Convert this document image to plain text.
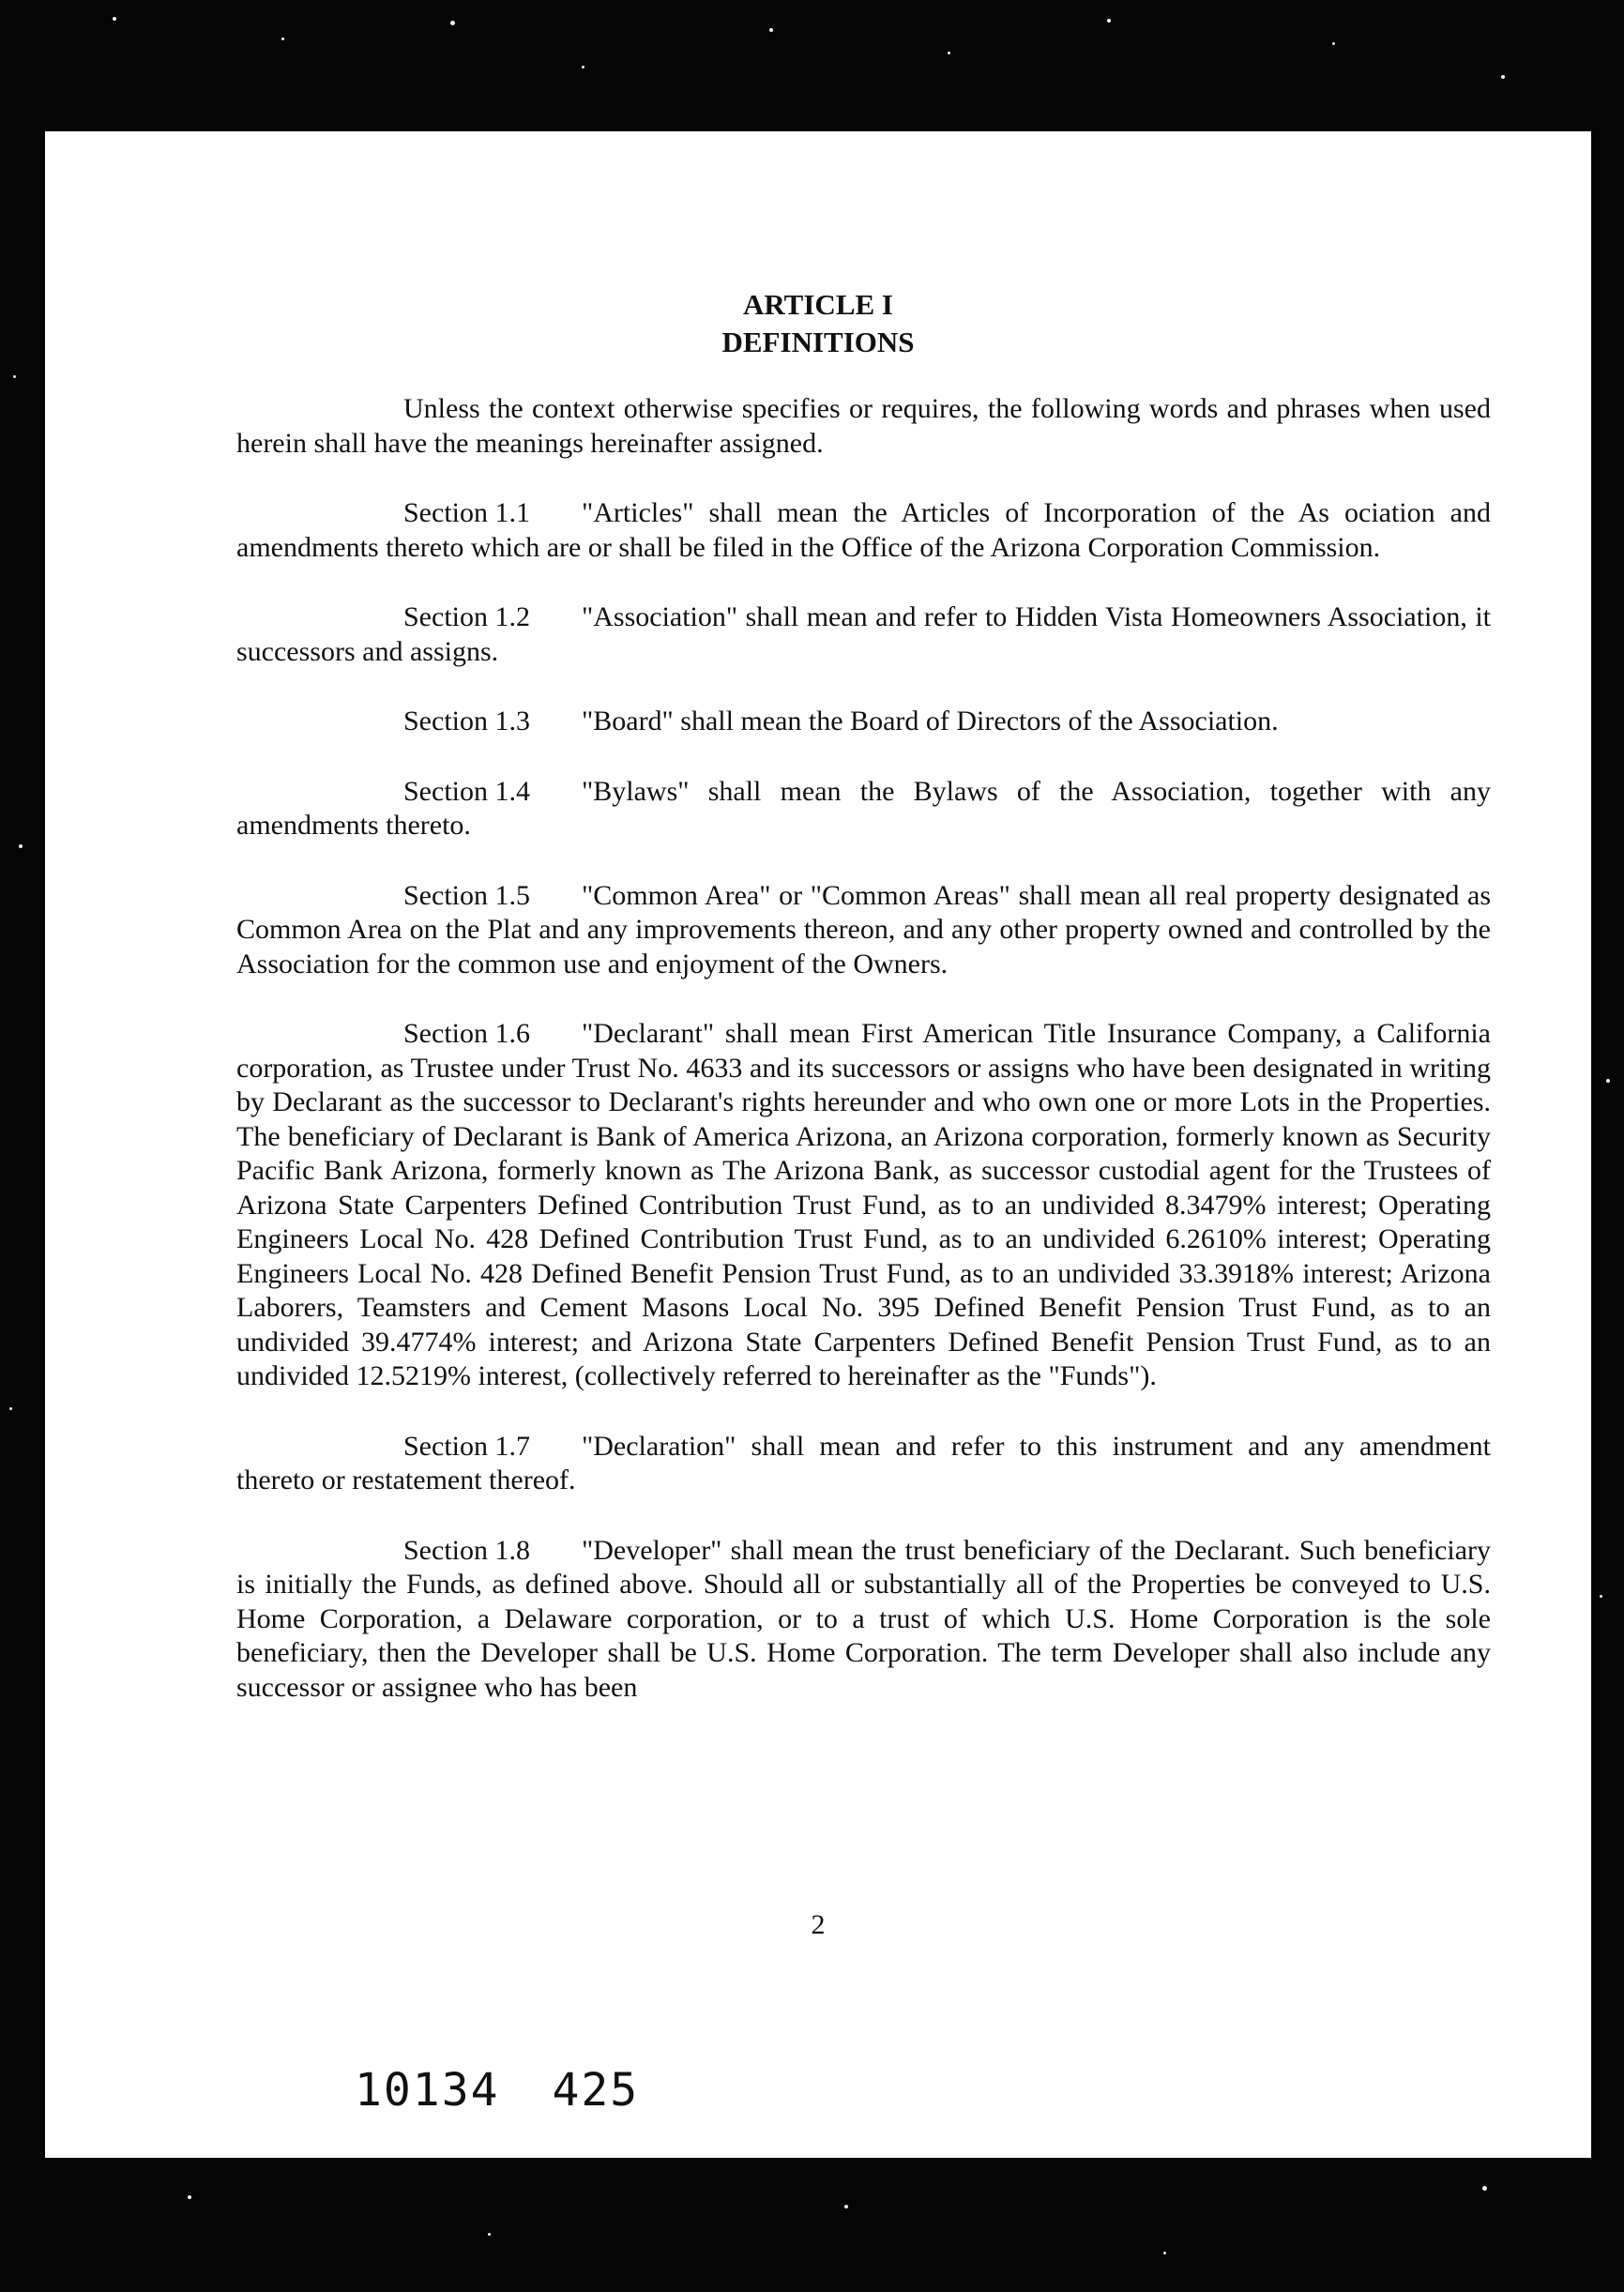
ARTICLE I
DEFINITIONS

Unless the context otherwise specifies or requires, the following words and phrases when used herein shall have the meanings hereinafter assigned.

Section 1.1 "Articles" shall mean the Articles of Incorporation of the As ociation and amendments thereto which are or shall be filed in the Office of the Arizona Corporation Commission.

Section 1.2 "Association" shall mean and refer to Hidden Vista Homeowners Association, it successors and assigns.

Section 1.3 "Board" shall mean the Board of Directors of the Association.

Section 1.4 "Bylaws" shall mean the Bylaws of the Association, together with any amendments thereto.

Section 1.5 "Common Area" or "Common Areas" shall mean all real property designated as Common Area on the Plat and any improvements thereon, and any other property owned and controlled by the Association for the common use and enjoyment of the Owners.

Section 1.6 "Declarant" shall mean First American Title Insurance Company, a California corporation, as Trustee under Trust No. 4633 and its successors or assigns who have been designated in writing by Declarant as the successor to Declarant's rights hereunder and who own one or more Lots in the Properties. The beneficiary of Declarant is Bank of America Arizona, an Arizona corporation, formerly known as Security Pacific Bank Arizona, formerly known as The Arizona Bank, as successor custodial agent for the Trustees of Arizona State Carpenters Defined Contribution Trust Fund, as to an undivided 8.3479% interest; Operating Engineers Local No. 428 Defined Contribution Trust Fund, as to an undivided 6.2610% interest; Operating Engineers Local No. 428 Defined Benefit Pension Trust Fund, as to an undivided 33.3918% interest; Arizona Laborers, Teamsters and Cement Masons Local No. 395 Defined Benefit Pension Trust Fund, as to an undivided 39.4774% interest; and Arizona State Carpenters Defined Benefit Pension Trust Fund, as to an undivided 12.5219% interest, (collectively referred to hereinafter as the "Funds").

Section 1.7 "Declaration" shall mean and refer to this instrument and any amendment thereto or restatement thereof.

Section 1.8 "Developer" shall mean the trust beneficiary of the Declarant. Such beneficiary is initially the Funds, as defined above. Should all or substantially all of the Properties be conveyed to U.S. Home Corporation, a Delaware corporation, or to a trust of which U.S. Home Corporation is the sole beneficiary, then the Developer shall be U.S. Home Corporation. The term Developer shall also include any successor or assignee who has been

2
10134 425
